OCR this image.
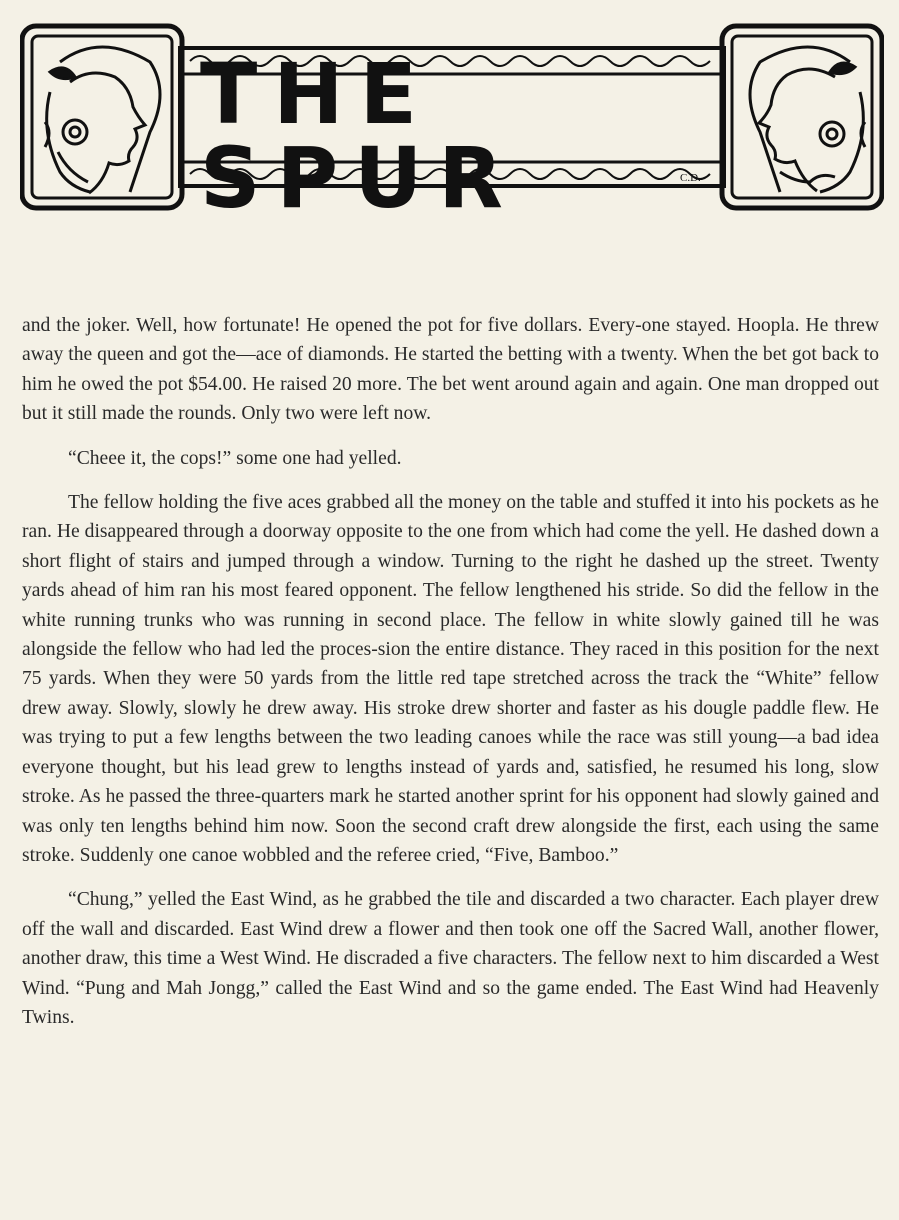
THE SPUR	C.D.

and the joker. Well, how fortunate! He opened the pot for five dollars. Every-one stayed. Hoopla. He threw away the queen and got the—ace of diamonds. He started the betting with a twenty. When the bet got back to him he owed the pot $54.00. He raised 20 more. The bet went around again and again. One man dropped out but it still made the rounds. Only two were left now.

“Cheee it, the cops!” some one had yelled.

The fellow holding the five aces grabbed all the money on the table and stuffed it into his pockets as he ran. He disappeared through a doorway opposite to the one from which had come the yell. He dashed down a short flight of stairs and jumped through a window. Turning to the right he dashed up the street. Twenty yards ahead of him ran his most feared opponent. The fellow lengthened his stride. So did the fellow in the white running trunks who was running in second place. The fellow in white slowly gained till he was alongside the fellow who had led the proces-sion the entire distance. They raced in this position for the next 75 yards. When they were 50 yards from the little red tape stretched across the track the “White” fellow drew away. Slowly, slowly he drew away. His stroke drew shorter and faster as his dougle paddle flew. He was trying to put a few lengths between the two leading canoes while the race was still young—a bad idea everyone thought, but his lead grew to lengths instead of yards and, satisfied, he resumed his long, slow stroke. As he passed the three-quarters mark he started another sprint for his opponent had slowly gained and was only ten lengths behind him now. Soon the second craft drew alongside the first, each using the same stroke. Suddenly one canoe wobbled and the referee cried, “Five, Bamboo.”

“Chung,” yelled the East Wind, as he grabbed the tile and discarded a two character. Each player drew off the wall and discarded. East Wind drew a flower and then took one off the Sacred Wall, another flower, another draw, this time a West Wind. He discraded a five characters. The fellow next to him discarded a West Wind. “Pung and Mah Jongg,” called the East Wind and so the game ended. The East Wind had Heavenly Twins.
